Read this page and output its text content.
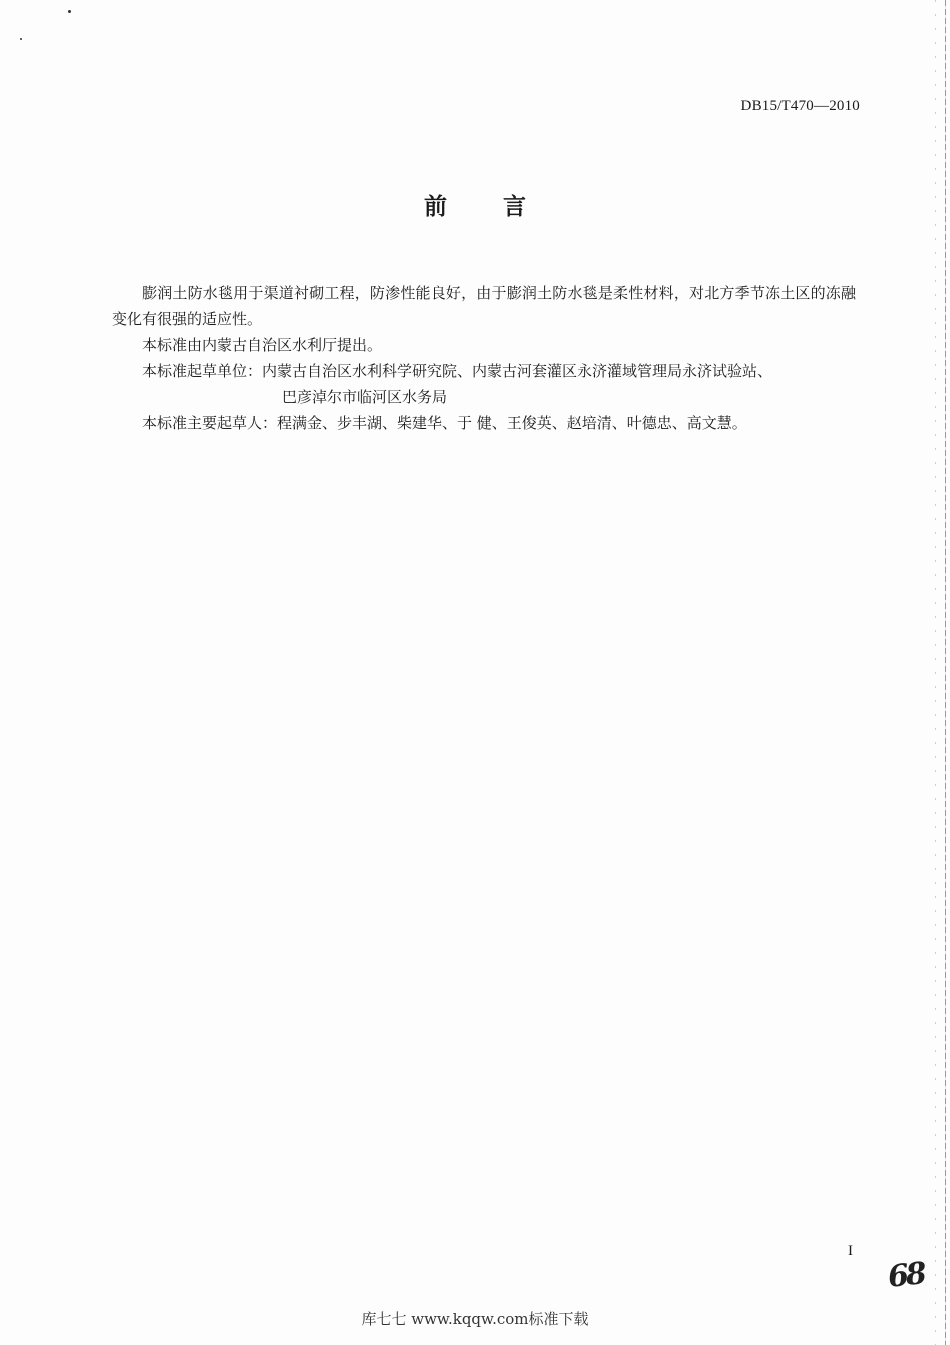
DB15/T470—2010
前言

膨润土防水毯用于渠道衬砌工程，防渗性能良好，由于膨润土防水毯是柔性材料，对北方季节冻土区的冻融变化有很强的适应性。

本标准由内蒙古自治区水利厅提出。

本标准起草单位：内蒙古自治区水利科学研究院、内蒙古河套灌区永济灌域管理局永济试验站、

巴彦淖尔市临河区水务局

本标准主要起草人：程满金、步丰湖、柴建华、于 健、王俊英、赵培清、叶德忠、高文慧。

I
68
库七七 www.kqqw.com标准下载
